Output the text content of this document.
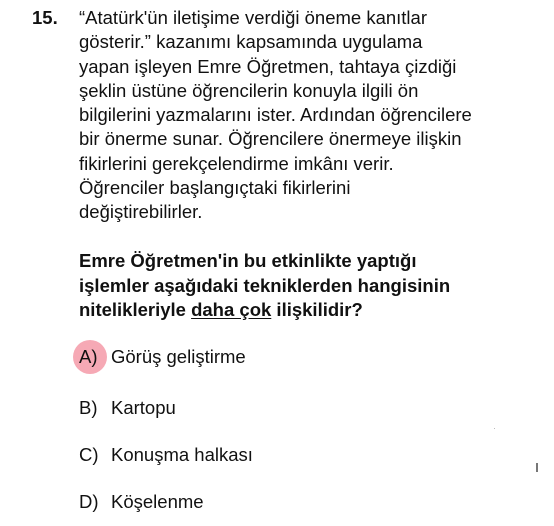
15. “Atatürk'ün iletişime verdiği öneme kanıtlar
gösterir.” kazanımı kapsamında uygulama
yapan işleyen Emre Öğretmen, tahtaya çizdiği
şeklin üstüne öğrencilerin konuyla ilgili ön
bilgilerini yazmalarını ister. Ardından öğrencilere
bir önerme sunar. Öğrencilere önermeye ilişkin
fikirlerini gerekçelendirme imkânı verir.
Öğrenciler başlangıçtaki fikirlerini
değiştirebilirler.

Emre Öğretmen'in bu etkinlikte yaptığı
işlemler aşağıdaki tekniklerden hangisinin
nitelikleriyle daha çok ilişkilidir?

A) Görüş geliştirme
B) Kartopu
C) Konuşma halkası
D) Köşelenme
